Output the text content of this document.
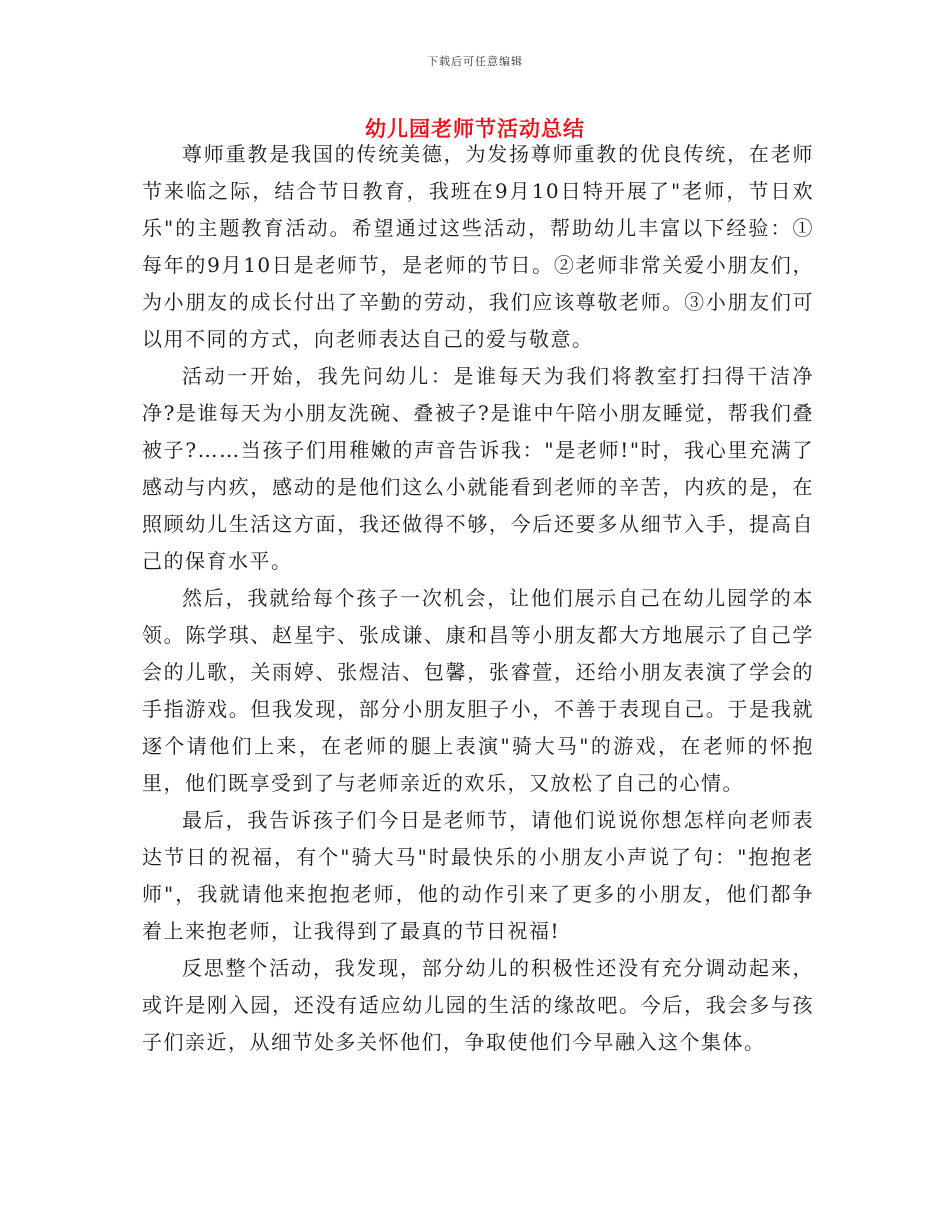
下载后可任意编辑
幼儿园老师节活动总结

尊师重教是我国的传统美德，为发扬尊师重教的优良传统，在老师节来临之际，结合节日教育，我班在9月10日特开展了"老师，节日欢乐"的主题教育活动。希望通过这些活动，帮助幼儿丰富以下经验：①每年的9月10日是老师节，是老师的节日。②老师非常关爱小朋友们，为小朋友的成长付出了辛勤的劳动，我们应该尊敬老师。③小朋友们可以用不同的方式，向老师表达自己的爱与敬意。

活动一开始，我先问幼儿：是谁每天为我们将教室打扫得干洁净净?是谁每天为小朋友洗碗、叠被子?是谁中午陪小朋友睡觉，帮我们叠被子?……当孩子们用稚嫩的声音告诉我："是老师!"时，我心里充满了感动与内疚，感动的是他们这么小就能看到老师的辛苦，内疚的是，在照顾幼儿生活这方面，我还做得不够，今后还要多从细节入手，提高自己的保育水平。

然后，我就给每个孩子一次机会，让他们展示自己在幼儿园学的本领。陈学琪、赵星宇、张成谦、康和昌等小朋友都大方地展示了自己学会的儿歌，关雨婷、张煜洁、包馨，张睿萱，还给小朋友表演了学会的手指游戏。但我发现，部分小朋友胆子小，不善于表现自己。于是我就逐个请他们上来，在老师的腿上表演"骑大马"的游戏，在老师的怀抱里，他们既享受到了与老师亲近的欢乐，又放松了自己的心情。

最后，我告诉孩子们今日是老师节，请他们说说你想怎样向老师表达节日的祝福，有个"骑大马"时最快乐的小朋友小声说了句："抱抱老师"，我就请他来抱抱老师，他的动作引来了更多的小朋友，他们都争着上来抱老师，让我得到了最真的节日祝福!

反思整个活动，我发现，部分幼儿的积极性还没有充分调动起来，或许是刚入园，还没有适应幼儿园的生活的缘故吧。今后，我会多与孩子们亲近，从细节处多关怀他们，争取使他们今早融入这个集体。
